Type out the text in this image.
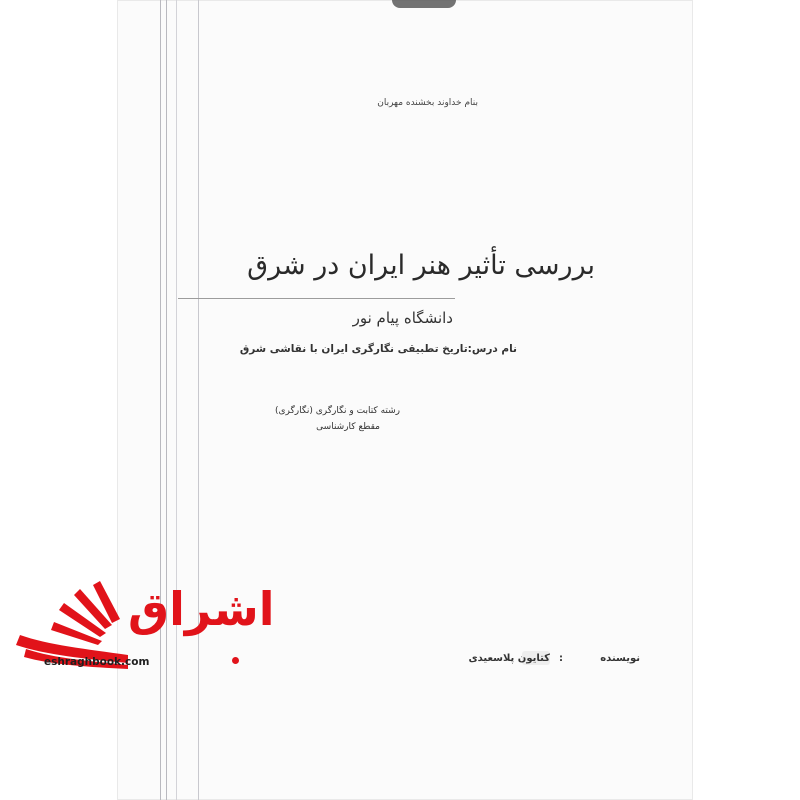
بنام خداوند بخشنده مهربان
بررسی تأثیر هنر ایران در شرق
دانشگاه پیام نور
نام درس:تاریخ تطبیقی نگارگری ایران با نقاشی شرق
رشته کتابت و نگارگری (نگارگری)
مقطع کارشناسی
نویسنده
:
کتایون پلاسعیدی
اشراق
eshraghbook.com
